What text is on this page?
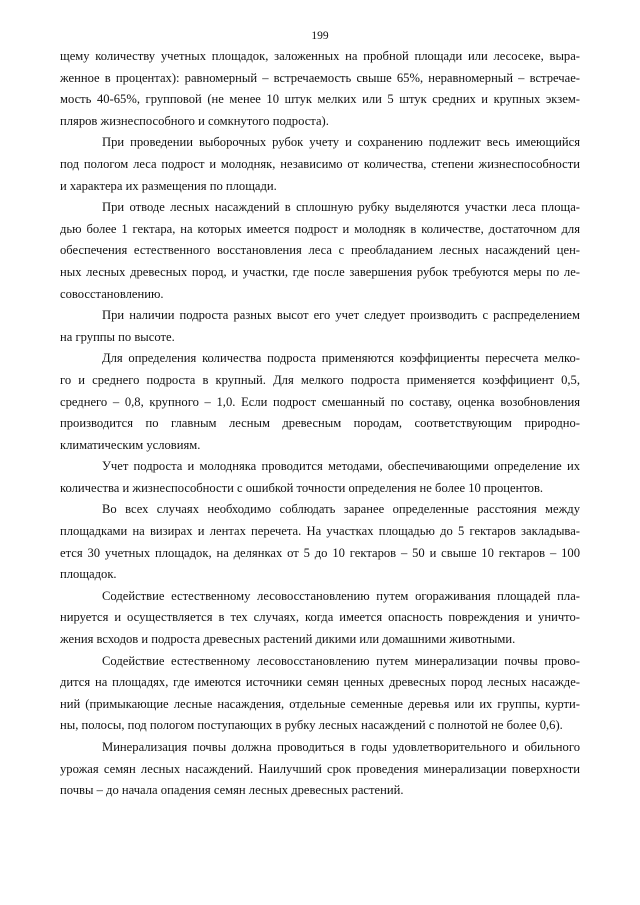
199

щему количеству учетных площадок, заложенных на пробной площади или лесосеке, выра-
женное в процентах): равномерный – встречаемость свыше 65%, неравномерный – встречае-
мость 40-65%, групповой (не менее 10 штук мелких или 5 штук средних и крупных экзем-
пляров жизнеспособного и сомкнутого подроста).

При проведении выборочных рубок учету и сохранению подлежит весь имеющийся
под пологом леса подрост и молодняк, независимо от количества, степени жизнеспособности
и характера их размещения по площади.

При отводе лесных насаждений в сплошную рубку выделяются участки леса площа-
дью более 1 гектара, на которых имеется подрост и молодняк в количестве, достаточном для
обеспечения естественного восстановления леса с преобладанием лесных насаждений цен-
ных лесных древесных пород, и участки, где после завершения рубок требуются меры по ле-
совосстановлению.

При наличии подроста разных высот его учет следует производить с распределением
на группы по высоте.

Для определения количества подроста применяются коэффициенты пересчета мелко-
го и среднего подроста в крупный. Для мелкого подроста применяется коэффициент 0,5,
среднего – 0,8, крупного – 1,0. Если подрост смешанный по составу, оценка возобновления
производится по главным лесным древесным породам, соответствующим природно-
климатическим условиям.

Учет подроста и молодняка проводится методами, обеспечивающими определение их
количества и жизнеспособности с ошибкой точности определения не более 10 процентов.

Во всех случаях необходимо соблюдать заранее определенные расстояния между
площадками на визирах и лентах перечета. На участках площадью до 5 гектаров закладыва-
ется 30 учетных площадок, на делянках от 5 до 10 гектаров – 50 и свыше 10 гектаров – 100
площадок.

Содействие естественному лесовосстановлению путем огораживания площадей пла-
нируется и осуществляется в тех случаях, когда имеется опасность повреждения и уничто-
жения всходов и подроста древесных растений дикими или домашними животными.

Содействие естественному лесовосстановлению путем минерализации почвы прово-
дится на площадях, где имеются источники семян ценных древесных пород лесных насажде-
ний (примыкающие лесные насаждения, отдельные семенные деревья или их группы, курти-
ны, полосы, под пологом поступающих в рубку лесных насаждений с полнотой не более 0,6).

Минерализация почвы должна проводиться в годы удовлетворительного и обильного
урожая семян лесных насаждений. Наилучший срок проведения минерализации поверхности
почвы – до начала опадения семян лесных древесных растений.
